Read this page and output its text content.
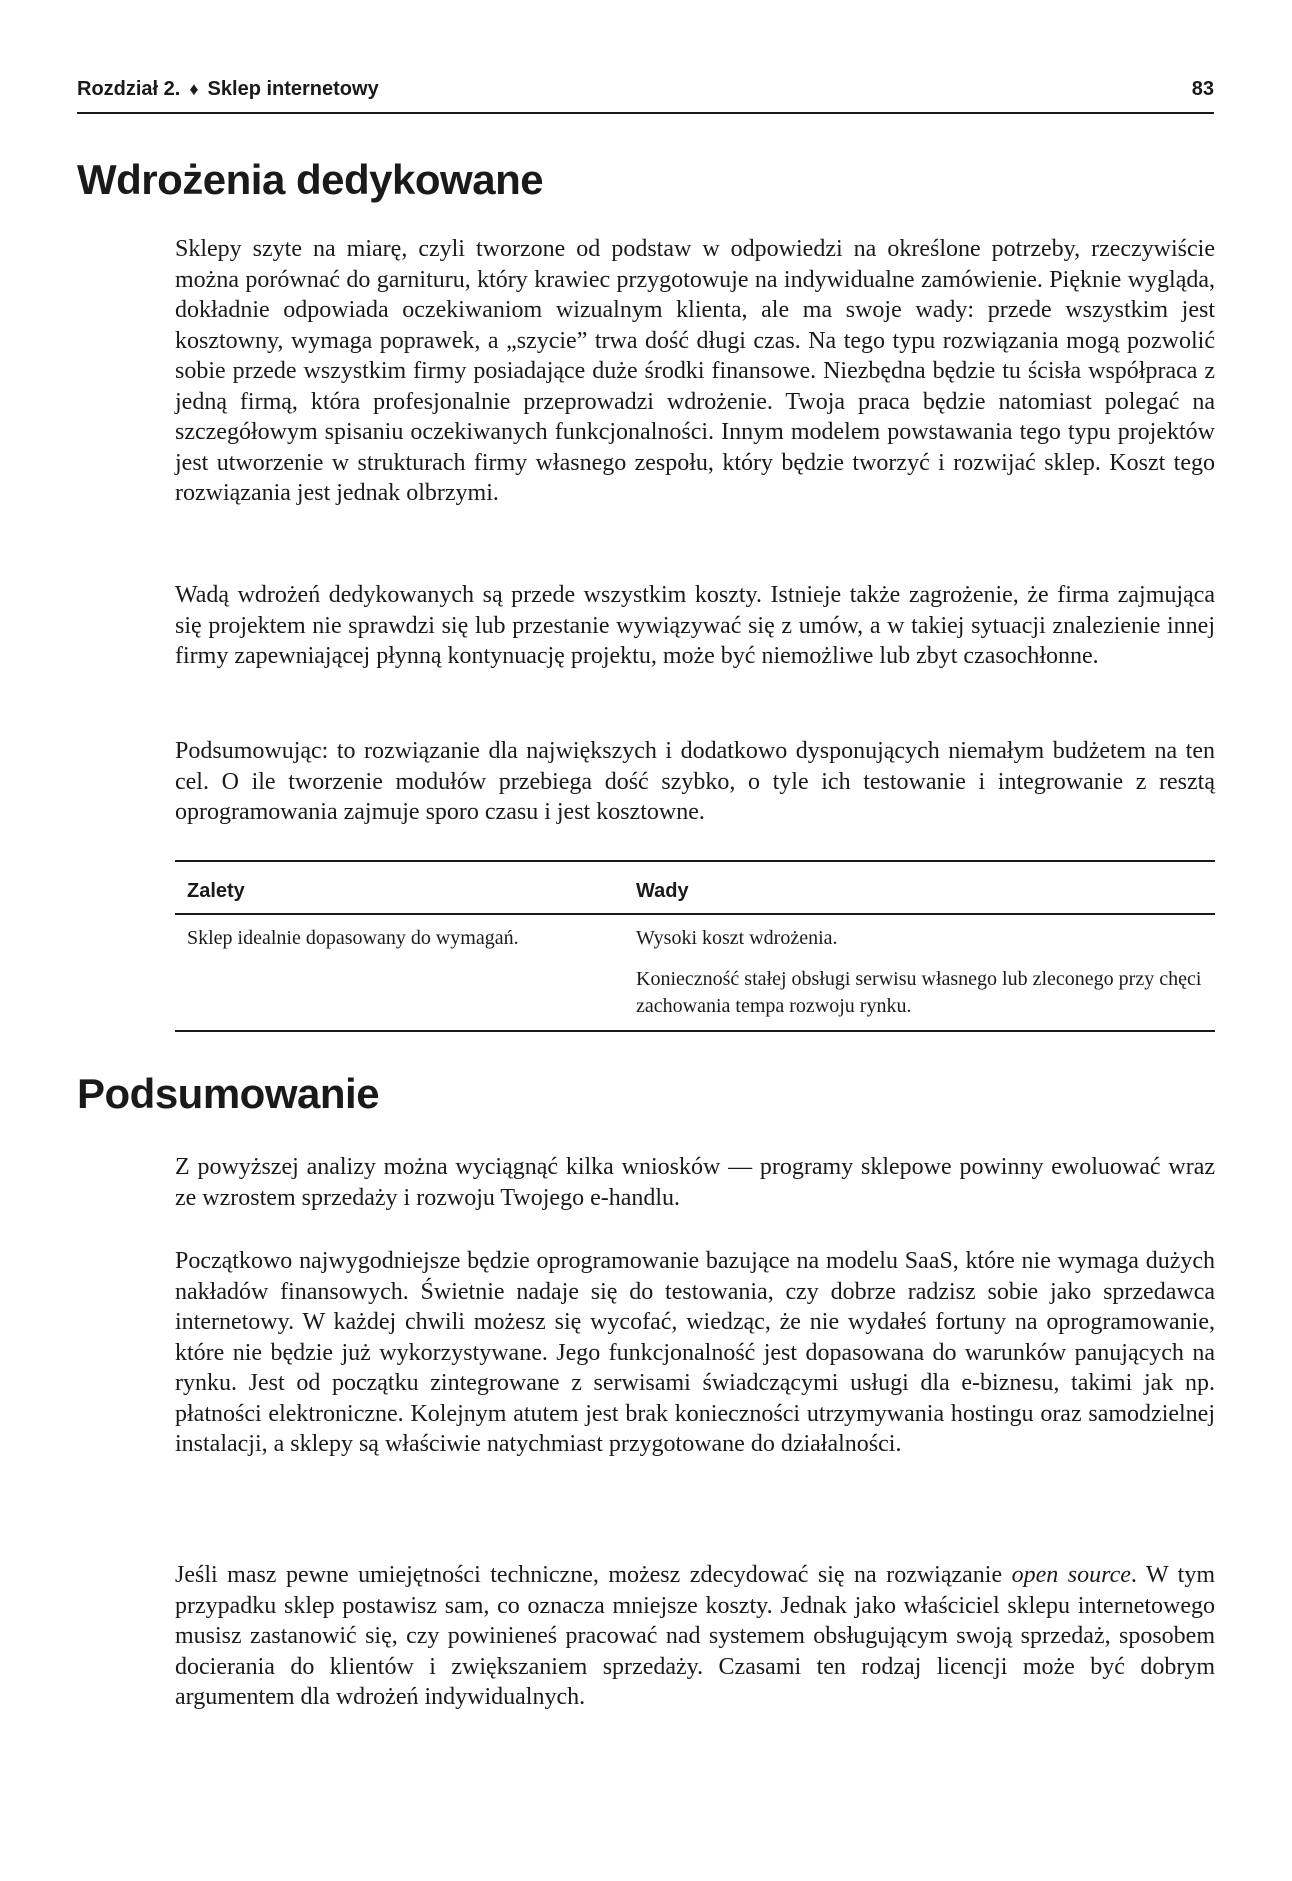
Rozdział 2. ♦ Sklep internetowy	83
Wdrożenia dedykowane

Sklepy szyte na miarę, czyli tworzone od podstaw w odpowiedzi na określone potrzeby, rzeczywiście można porównać do garnituru, który krawiec przygotowuje na indywidualne zamówienie. Pięknie wygląda, dokładnie odpowiada oczekiwaniom wizualnym klienta, ale ma swoje wady: przede wszystkim jest kosztowny, wymaga poprawek, a „szycie” trwa dość długi czas. Na tego typu rozwiązania mogą pozwolić sobie przede wszystkim firmy posiadające duże środki finansowe. Niezbędna będzie tu ścisła współpraca z jedną firmą, która profesjonalnie przeprowadzi wdrożenie. Twoja praca będzie natomiast polegać na szczegółowym spisaniu oczekiwanych funkcjonalności. Innym modelem powstawania tego typu projektów jest utworzenie w strukturach firmy własnego zespołu, który będzie tworzyć i rozwijać sklep. Koszt tego rozwiązania jest jednak olbrzymi.

Wadą wdrożeń dedykowanych są przede wszystkim koszty. Istnieje także zagrożenie, że firma zajmująca się projektem nie sprawdzi się lub przestanie wywiązywać się z umów, a w takiej sytuacji znalezienie innej firmy zapewniającej płynną kontynuację projektu, może być niemożliwe lub zbyt czasochłonne.

Podsumowując: to rozwiązanie dla największych i dodatkowo dysponujących niemałym budżetem na ten cel. O ile tworzenie modułów przebiega dość szybko, o tyle ich testowanie i integrowanie z resztą oprogramowania zajmuje sporo czasu i jest kosztowne.

Zalety	Wady
Sklep idealnie dopasowany do wymagań.	Wysoki koszt wdrożenia.
	Konieczność stałej obsługi serwisu własnego lub zleconego przy chęci zachowania tempa rozwoju rynku.
Podsumowanie

Z powyższej analizy można wyciągnąć kilka wniosków — programy sklepowe powinny ewoluować wraz ze wzrostem sprzedaży i rozwoju Twojego e-handlu.

Początkowo najwygodniejsze będzie oprogramowanie bazujące na modelu SaaS, które nie wymaga dużych nakładów finansowych. Świetnie nadaje się do testowania, czy dobrze radzisz sobie jako sprzedawca internetowy. W każdej chwili możesz się wycofać, wiedząc, że nie wydałeś fortuny na oprogramowanie, które nie będzie już wykorzystywane. Jego funkcjonalność jest dopasowana do warunków panujących na rynku. Jest od początku zintegrowane z serwisami świadczącymi usługi dla e-biznesu, takimi jak np. płatności elektroniczne. Kolejnym atutem jest brak konieczności utrzymywania hostingu oraz samodzielnej instalacji, a sklepy są właściwie natychmiast przygotowane do działalności.

Jeśli masz pewne umiejętności techniczne, możesz zdecydować się na rozwiązanie open source. W tym przypadku sklep postawisz sam, co oznacza mniejsze koszty. Jednak jako właściciel sklepu internetowego musisz zastanowić się, czy powinieneś pracować nad systemem obsługującym swoją sprzedaż, sposobem docierania do klientów i zwiększaniem sprzedaży. Czasami ten rodzaj licencji może być dobrym argumentem dla wdrożeń indywidualnych.
